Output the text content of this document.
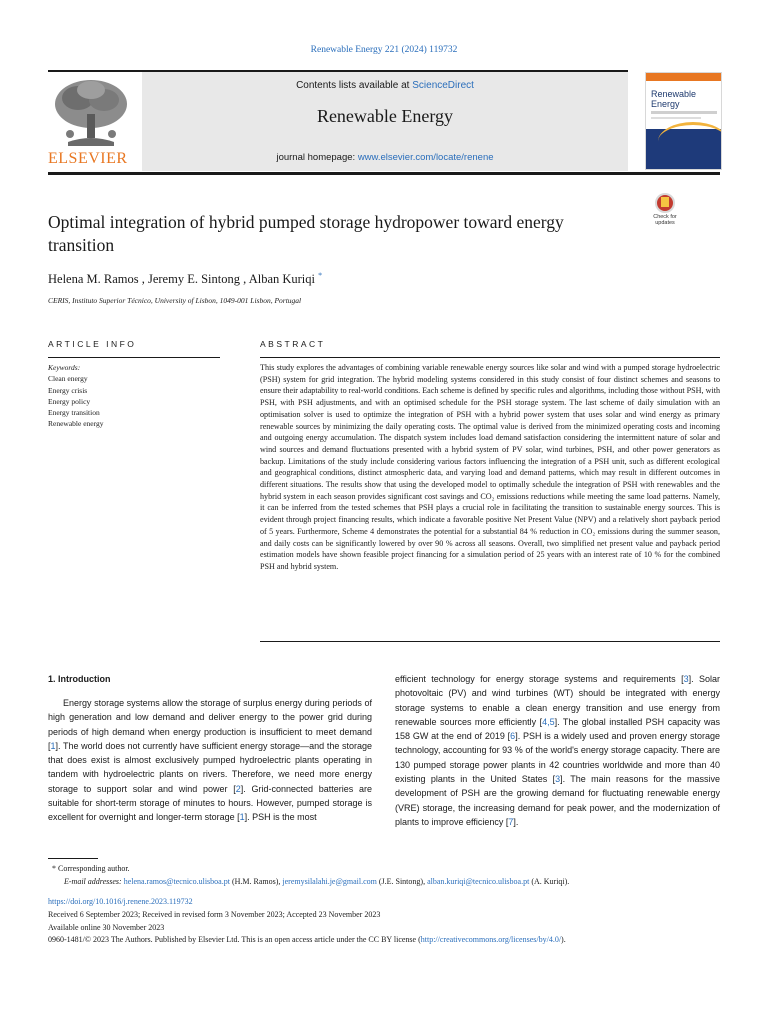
Renewable Energy 221 (2024) 119732
ELSEVIER
Contents lists available at ScienceDirect
Renewable Energy
journal homepage: www.elsevier.com/locate/renene
Renewable Energy
Check for updates
Optimal integration of hybrid pumped storage hydropower toward energy transition
Helena M. Ramos , Jeremy E. Sintong , Alban Kuriqi *
CERIS, Instituto Superior Técnico, University of Lisbon, 1049-001 Lisbon, Portugal
ARTICLE INFO
Keywords:
Clean energy
Energy crisis
Energy policy
Energy transition
Renewable energy
ABSTRACT
This study explores the advantages of combining variable renewable energy sources like solar and wind with a pumped storage hydroelectric (PSH) system for grid integration. The hybrid modeling systems considered in this study consist of four distinct schemes and seasons to ensure their adaptability to real-world conditions. Each scheme is defined by specific rules and algorithms, including those without PSH, with PSH, with PSH adjustments, and with an optimised schedule for the PSH storage system. The last scheme of daily simulation with an optimisation solver is used to optimize the integration of PSH with a hybrid power system that uses solar and wind energy as primary renewable sources by minimizing the daily operating costs. The optimal value is derived from the minimized operating costs and incoming and outgoing energy accumulation. The dispatch system includes load demand satisfaction considering the intermittent nature of solar and wind sources and demand fluctuations presented with a hybrid system of PV solar, wind turbines, PSH, and other power generators as backup. Limitations of the study include considering various factors influencing the integration of a PSH unit, such as different ecological and geographical conditions, distinct atmospheric data, and varying load and demand patterns, which may result in different outcomes in different situations. The results show that using the developed model to optimally schedule the integration of PSH with renewables and the hybrid system in each season provides significant cost savings and CO₂ emissions reductions while meeting the same load patterns. Namely, it can be inferred from the tested schemes that PSH plays a crucial role in facilitating the transition to sustainable energy sources. This is evident through project financing results, which indicate a favorable positive Net Present Value (NPV) and a relatively short payback period of 5 years. Furthermore, Scheme 4 demonstrates the potential for a substantial 84 % reduction in CO₂ emissions during the summer season, and daily costs can be significantly lowered by over 90 % across all seasons. Overall, two simplified net present value and payback period estimation models have shown feasible project financing for a simulation period of 25 years with an interest rate of 10 % for the combined PSH and hybrid system.
1. Introduction
Energy storage systems allow the storage of surplus energy during periods of high generation and low demand and deliver energy to the power grid during periods of high demand when energy production is insufficient to meet demand [1]. The world does not currently have sufficient energy storage—and the storage that does exist is almost exclusively pumped hydroelectric plants operating in tandem with hydroelectric plants on rivers. Therefore, we need more energy storage to support solar and wind power [2]. Grid-connected batteries are suitable for short-term storage of minutes to hours. However, pumped storage is excellent for overnight and longer-term storage [1]. PSH is the most
efficient technology for energy storage systems and requirements [3]. Solar photovoltaic (PV) and wind turbines (WT) should be integrated with energy storage systems to enable a clean energy transition and use energy from renewable sources more efficiently [4,5]. The global installed PSH capacity was 158 GW at the end of 2019 [6]. PSH is a widely used and proven energy storage technology, accounting for 93 % of the world's energy storage capacity. There are 130 pumped storage power plants in 42 countries worldwide and more than 40 existing plants in the United States [3]. The main reasons for the massive development of PSH are the growing demand for fluctuating renewable energy (VRE) storage, the increasing demand for peak power, and the modernization of plants to improve efficiency [7].
* Corresponding author.
E-mail addresses: helena.ramos@tecnico.ulisboa.pt (H.M. Ramos), jeremysilalahi.je@gmail.com (J.E. Sintong), alban.kuriqi@tecnico.ulisboa.pt (A. Kuriqi).
https://doi.org/10.1016/j.renene.2023.119732
Received 6 September 2023; Received in revised form 3 November 2023; Accepted 23 November 2023
Available online 30 November 2023
0960-1481/© 2023 The Authors. Published by Elsevier Ltd. This is an open access article under the CC BY license (http://creativecommons.org/licenses/by/4.0/).
